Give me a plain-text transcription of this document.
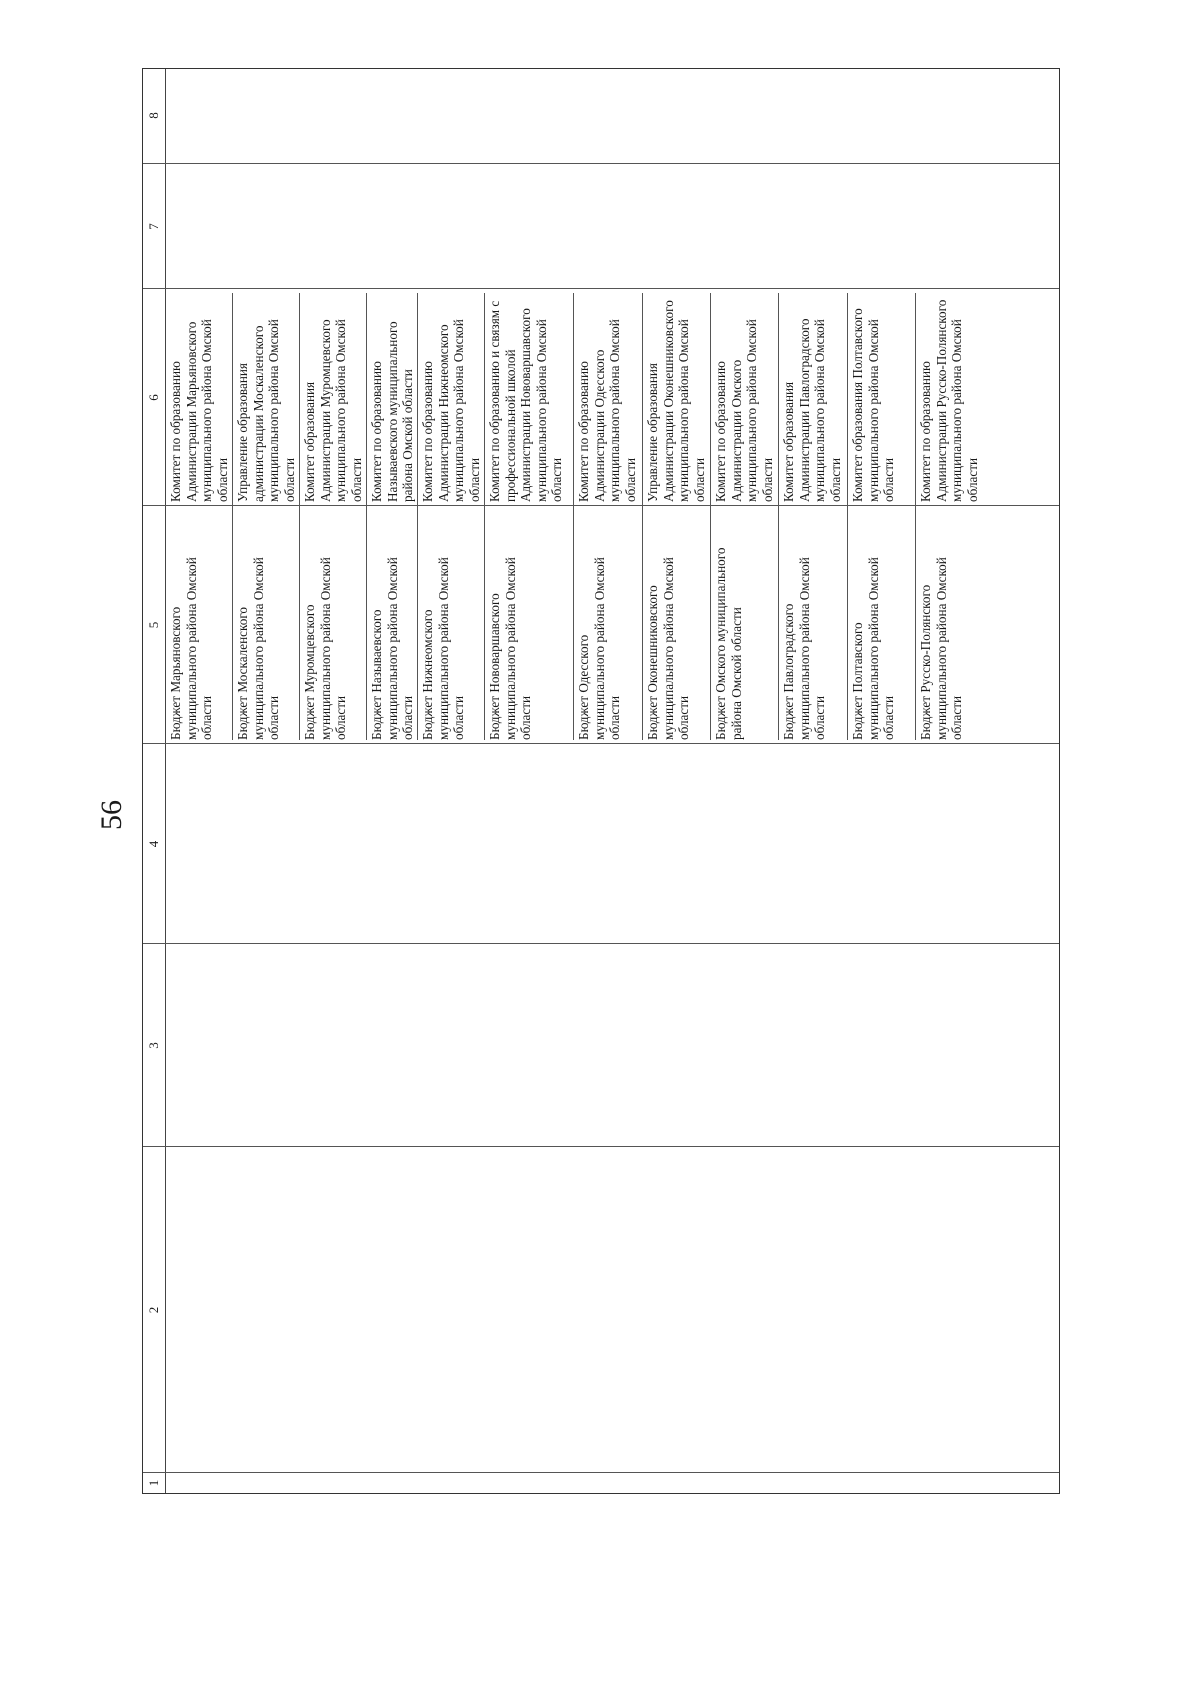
56
1
2
3
4
5
6
7
8
Бюджет Марьяновского муниципального района Омской области
Комитет по образованию Администрации Марьяновского муниципального района Омской области
Бюджет Москаленского муниципального района Омской области
Управление образования администрации Москаленского муниципального района Омской области
Бюджет Муромцевского муниципального района Омской области
Комитет образования Администрации Муромцевского муниципального района Омской области
Бюджет Называевского муниципального района Омской области
Комитет по образованию Называевского муниципального района Омской области
Бюджет Нижнеомского муниципального района Омской области
Комитет по образованию Администрации Нижнеомского муниципального района Омской области
Бюджет Нововаршавского муниципального района Омской области
Комитет по образованию и связям с профессиональной школой Администрации Нововаршавского муниципального района Омской области
Бюджет Одесского муниципального района Омской области
Комитет по образованию Администрации Одесского муниципального района Омской области
Бюджет Оконешниковского муниципального района Омской области
Управление образования Администрации Оконешниковского муниципального района Омской области
Бюджет Омского муниципального района Омской области
Комитет по образованию Администрации Омского муниципального района Омской области
Бюджет Павлоградского муниципального района Омской области
Комитет образования Администрации Павлоградского муниципального района Омской области
Бюджет Полтавского муниципального района Омской области
Комитет образования Полтавского муниципального района Омской области
Бюджет Русско-Полянского муниципального района Омской области
Комитет по образованию Администрации Русско-Полянского муниципального района Омской области
